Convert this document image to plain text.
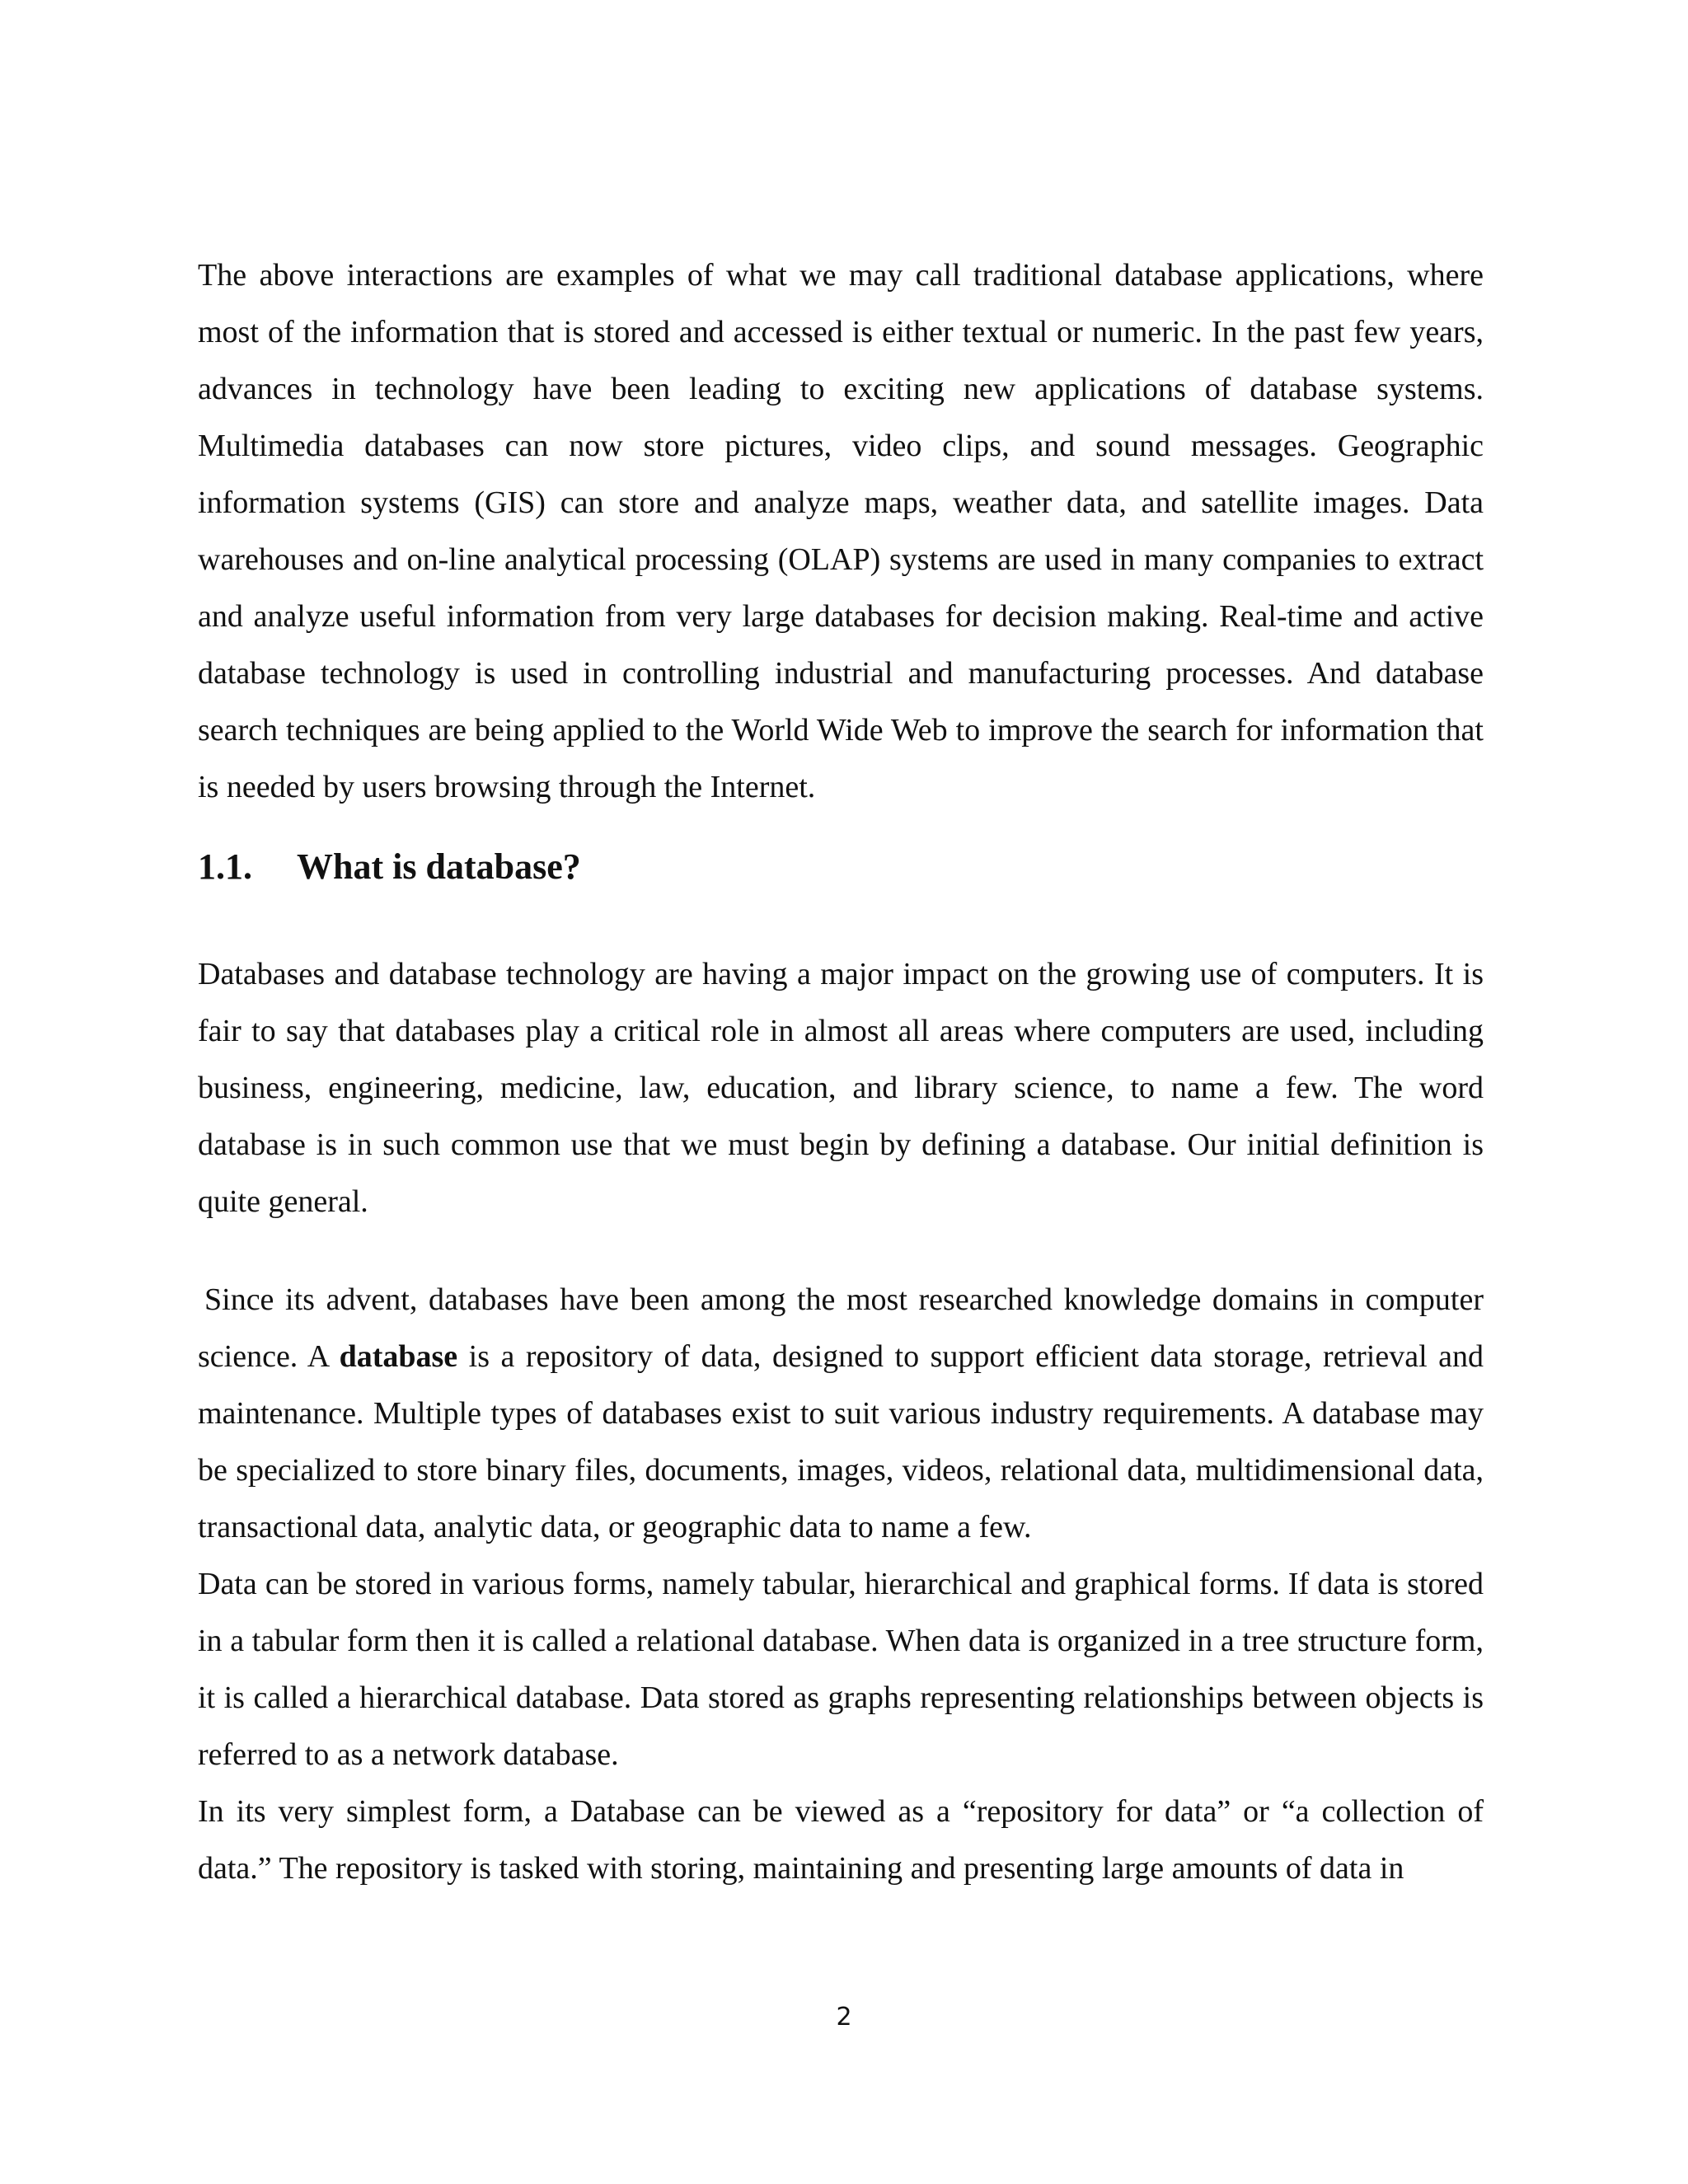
The above interactions are examples of what we may call traditional database applications, where most of the information that is stored and accessed is either textual or numeric. In the past few years, advances in technology have been leading to exciting new applications of database systems. Multimedia databases can now store pictures, video clips, and sound messages. Geographic information systems (GIS) can store and analyze maps, weather data, and satellite images. Data warehouses and on-line analytical processing (OLAP) systems are used in many companies to extract and analyze useful information from very large databases for decision making. Real-time and active database technology is used in controlling industrial and manufacturing processes. And database search techniques are being applied to the World Wide Web to improve the search for information that is needed by users browsing through the Internet.

1.1.	What is database?

Databases and database technology are having a major impact on the growing use of computers. It is fair to say that databases play a critical role in almost all areas where computers are used, including business, engineering, medicine, law, education, and library science, to name a few. The word database is in such common use that we must begin by defining a database. Our initial definition is quite general.

Since its advent, databases have been among the most researched knowledge domains in computer science. A database is a repository of data, designed to support efficient data storage, retrieval and maintenance. Multiple types of databases exist to suit various industry requirements. A database may be specialized to store binary files, documents, images, videos, relational data, multidimensional data, transactional data, analytic data, or geographic data to name a few.

Data can be stored in various forms, namely tabular, hierarchical and graphical forms. If data is stored in a tabular form then it is called a relational database. When data is organized in a tree structure form, it is called a hierarchical database. Data stored as graphs representing relationships between objects is referred to as a network database.

In its very simplest form, a Database can be viewed as a “repository for data” or “a collection of data.” The repository is tasked with storing, maintaining and presenting large amounts of data in

2
